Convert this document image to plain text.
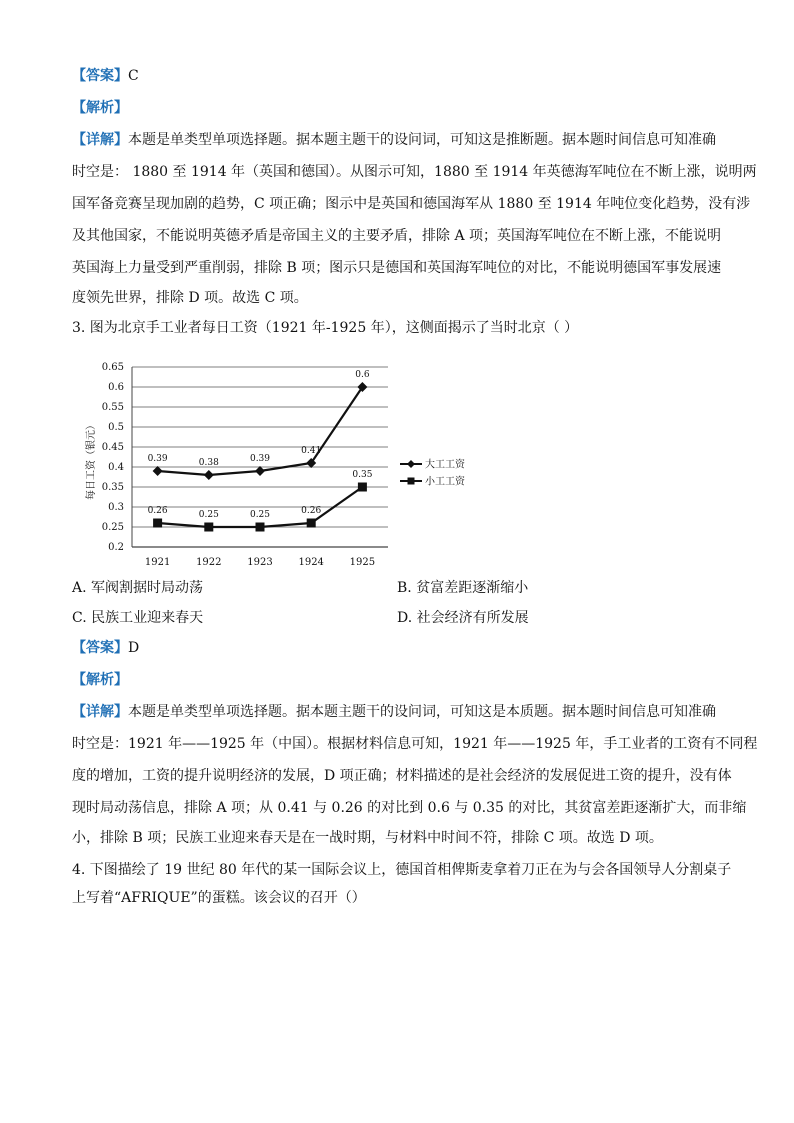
【答案】C
【解析】
【详解】本题是单类型单项选择题。据本题主题干的设问词，可知这是推断题。据本题时间信息可知准确
时空是： 1880 至 1914 年（英国和德国）。从图示可知，1880 至 1914 年英德海军吨位在不断上涨，说明两
国军备竞赛呈现加剧的趋势，C 项正确；图示中是英国和德国海军从 1880 至 1914 年吨位变化趋势，没有涉
及其他国家，不能说明英德矛盾是帝国主义的主要矛盾，排除 A 项；英国海军吨位在不断上涨，不能说明
英国海上力量受到严重削弱，排除 B 项；图示只是德国和英国海军吨位的对比，不能说明德国军事发展速
度领先世界，排除 D 项。故选 C 项。
3. 图为北京手工业者每日工资（1921 年-1925 年），这侧面揭示了当时北京（ ）
0.2
0.25
0.3
0.35
0.4
0.45
0.5
0.55
0.6
0.65
1921	1922	1923	1924	1925
每日工资（银元）	0.39	0.38	0.39
0.41
0.6
0.26	0.25	0.25	0.26
0.35
大工工资
小工工资
A. 军阀割据时局动荡	B. 贫富差距逐渐缩小
C. 民族工业迎来春天	D. 社会经济有所发展
【答案】D
【解析】
【详解】本题是单类型单项选择题。据本题主题干的设问词，可知这是本质题。据本题时间信息可知准确
时空是：1921 年——1925 年（中国）。根据材料信息可知，1921 年——1925 年，手工业者的工资有不同程
度的增加，工资的提升说明经济的发展，D 项正确；材料描述的是社会经济的发展促进工资的提升，没有体
现时局动荡信息，排除 A 项；从 0.41 与 0.26 的对比到 0.6 与 0.35 的对比，其贫富差距逐渐扩大，而非缩
小，排除 B 项；民族工业迎来春天是在一战时期，与材料中时间不符，排除 C 项。故选 D 项。
4. 下图描绘了 19 世纪 80 年代的某一国际会议上，德国首相俾斯麦拿着刀正在为与会各国领导人分割桌子
上写着“AFRIQUE”的蛋糕。该会议的召开（）
